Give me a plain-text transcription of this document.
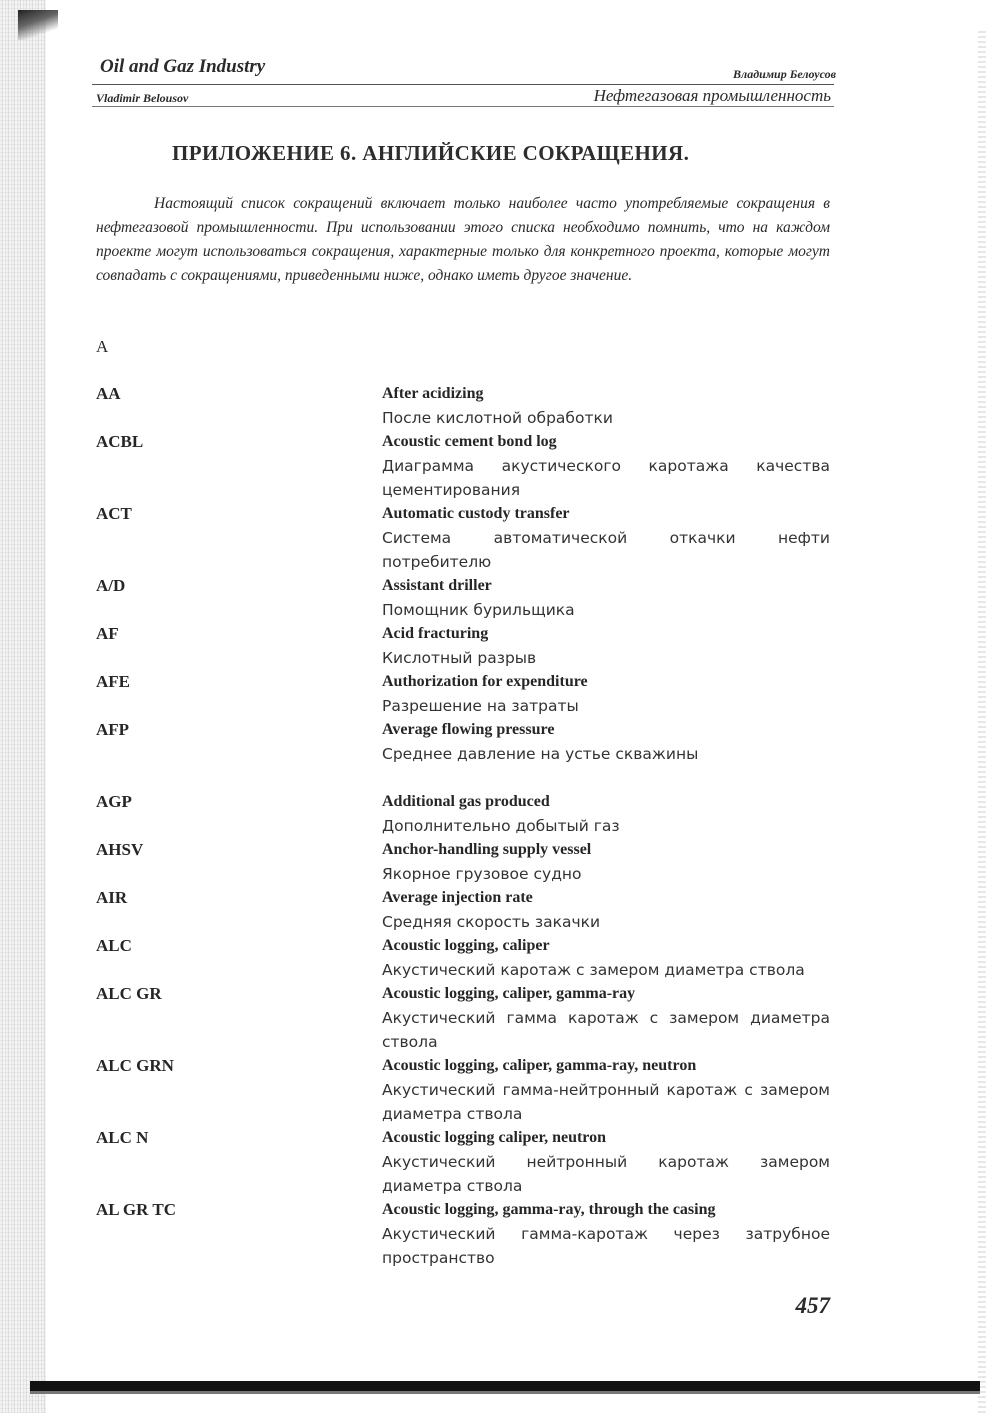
Oil and Gaz Industry
Vladimir Belousov
Владимир Белоусов
Нефтегазовая промышленность
ПРИЛОЖЕНИЕ 6. АНГЛИЙСКИЕ СОКРАЩЕНИЯ.
Настоящий список сокращений включает только наиболее часто употребляемые сокращения в нефтегазовой промышленности. При использовании этого списка необходимо помнить, что на каждом проекте могут использоваться сокращения, характерные только для конкретного проекта, которые могут совпадать с сокращениями, приведенными ниже, однако иметь другое значение.
A
AA	After acidizing
После кислотной обработки
ACBL	Acoustic cement bond log
Диаграмма акустического каротажа качества цементирования
ACT	Automatic custody transfer
Система автоматической откачки нефти потребителю
A/D	Assistant driller
Помощник бурильщика
AF	Acid fracturing
Кислотный разрыв
AFE	Authorization for expenditure
Разрешение на затраты
AFP	Average flowing pressure
Среднее давление на устье скважины
AGP	Additional gas produced
Дополнительно добытый газ
AHSV	Anchor-handling supply vessel
Якорное грузовое судно
AIR	Average injection rate
Средняя скорость закачки
ALC	Acoustic logging, caliper
Акустический каротаж с замером диаметра ствола
ALC GR	Acoustic logging, caliper, gamma-ray
Акустический гамма каротаж с замером диаметра ствола
ALC GRN	Acoustic logging, caliper, gamma-ray, neutron
Акустический гамма-нейтронный каротаж с замером диаметра ствола
ALC N	Acoustic logging caliper, neutron
Акустический нейтронный каротаж замером диаметра ствола
AL GR TC	Acoustic logging, gamma-ray, through the casing
Акустический гамма-каротаж через затрубное пространство
457
